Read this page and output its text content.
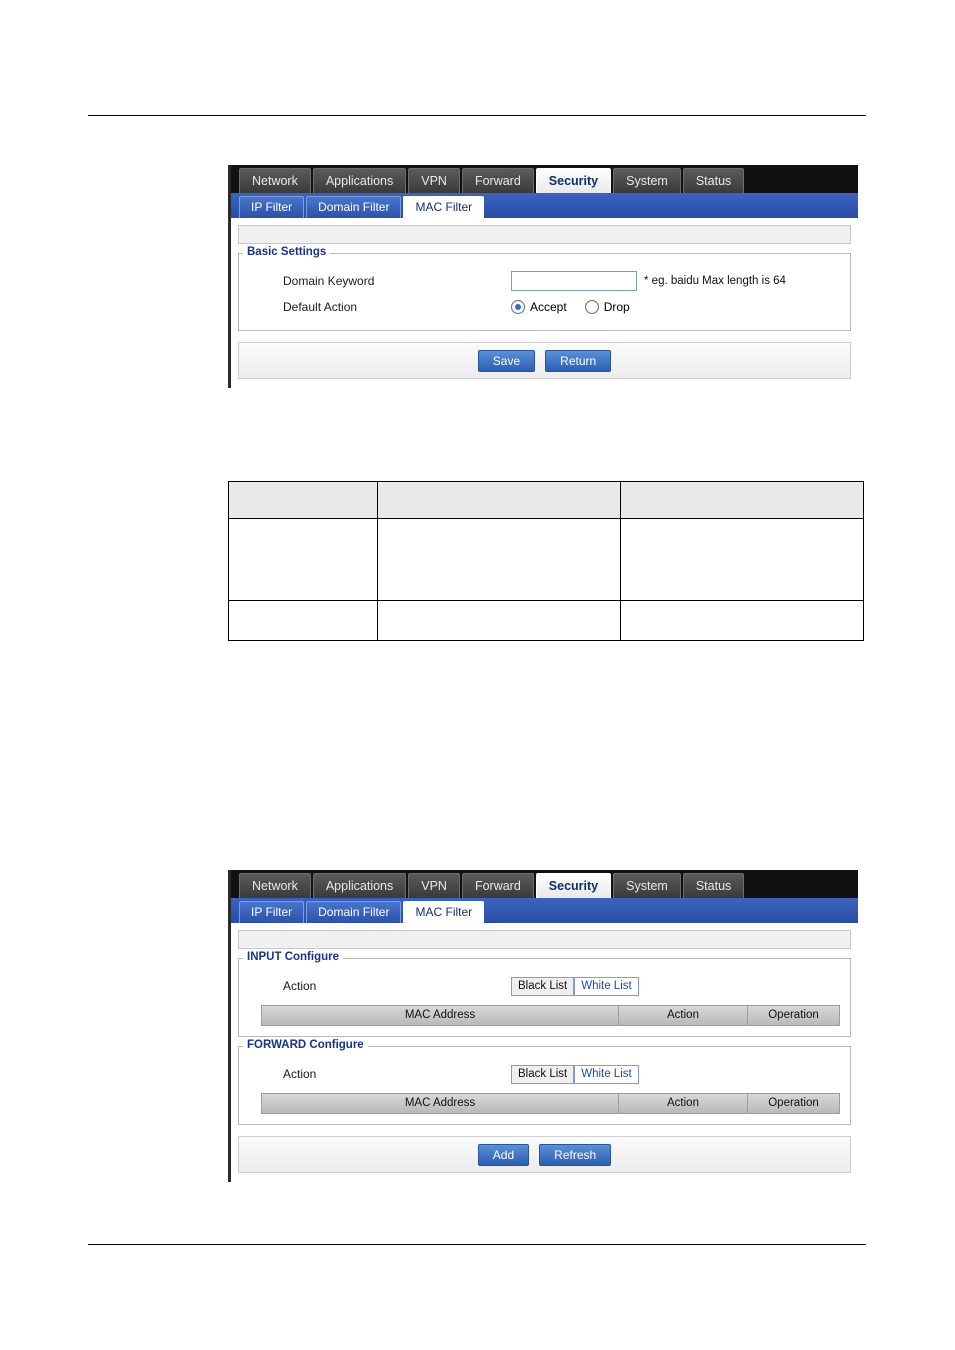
Network	Applications	VPN	Forward	Security	System	Status
IP Filter	Domain Filter	MAC Filter
Basic Settings
Domain Keyword	* eg. baidu Max length is 64
Default Action	Accept	Drop
Save	Return

Network	Applications	VPN	Forward	Security	System	Status
IP Filter	Domain Filter	MAC Filter
INPUT Configure
Action	Black List	White List
MAC Address	Action	Operation
FORWARD Configure
Action	Black List	White List
MAC Address	Action	Operation
Add	Refresh
